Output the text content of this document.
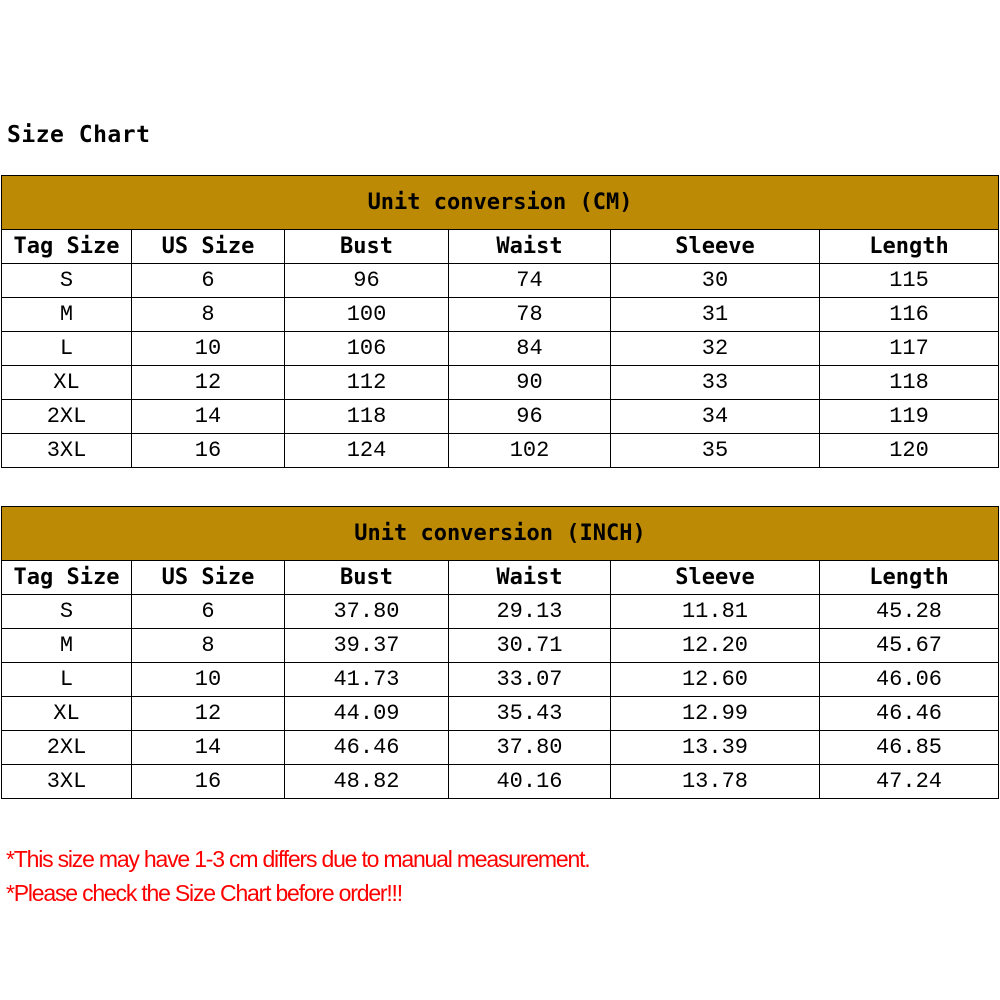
Size Chart
Unit conversion (CM)					
Tag Size	US Size	Bust	Waist	Sleeve	Length
S	6	96	74	30	115
M	8	100	78	31	116
L	10	106	84	32	117
XL	12	112	90	33	118
2XL	14	118	96	34	119
3XL	16	124	102	35	120
Unit conversion (INCH)					
Tag Size	US Size	Bust	Waist	Sleeve	Length
S	6	37.80	29.13	11.81	45.28
M	8	39.37	30.71	12.20	45.67
L	10	41.73	33.07	12.60	46.06
XL	12	44.09	35.43	12.99	46.46
2XL	14	46.46	37.80	13.39	46.85
3XL	16	48.82	40.16	13.78	47.24
*This size may have 1-3 cm differs due to manual measurement.
*Please check the Size Chart before order!!!
